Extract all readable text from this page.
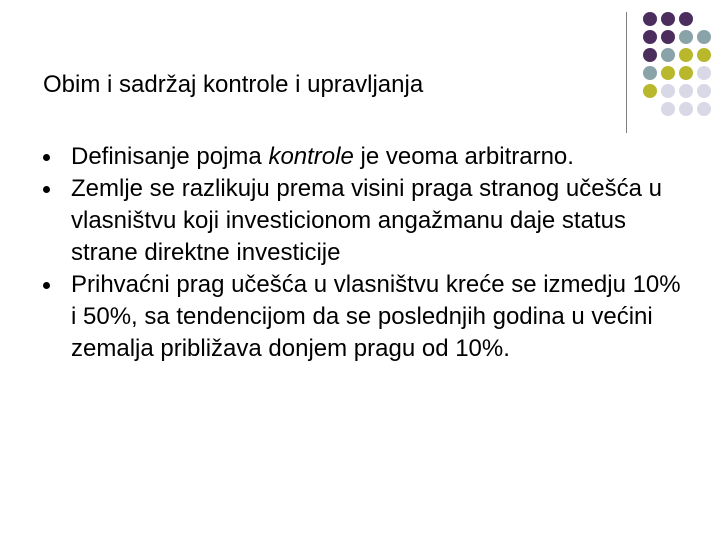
Obim i sadržaj kontrole i upravljanja
Definisanje pojma kontrole je veoma arbitrarno.
Zemlje se razlikuju prema visini praga stranog učešća u vlasništvu koji investicionom angažmanu daje status strane direktne investicije
Prihvaćni prag učešća u vlasništvu kreće se izmedju 10% i 50%, sa tendencijom da se poslednjih godina u većini zemalja približava donjem pragu od 10%.
